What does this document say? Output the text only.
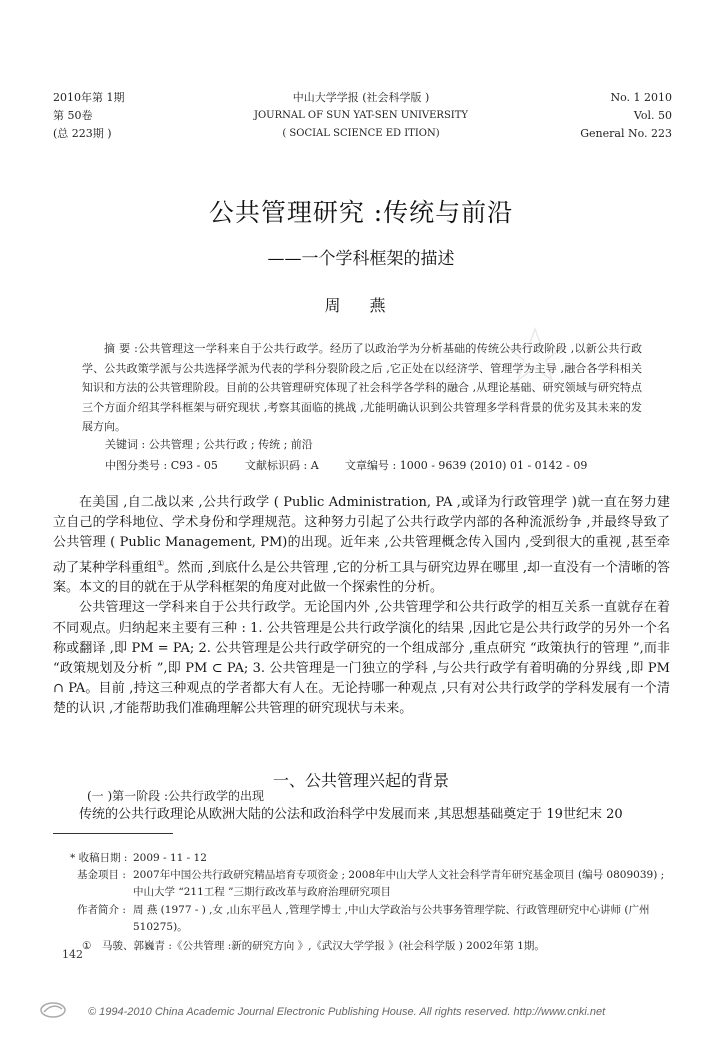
2010年第 1期
第 50卷
(总 223期 )
中山大学学报 (社会科学版 )
JOURNAL OF SUN YAT-SEN UNIVERSITY
( SOCIAL SCIENCE ED ITION)
No. 1 2010
Vol. 50
General No. 223
公共管理研究 :传统与前沿
——一个学科框架的描述
周 燕
摘 要 :公共管理这一学科来自于公共行政学。经历了以政治学为分析基础的传统公共行政阶段 ,以新公共行政学、公共政策学派与公共选择学派为代表的学科分裂阶段之后 ,它正处在以经济学、管理学为主导 ,融合各学科相关知识和方法的公共管理阶段。目前的公共管理研究体现了社会科学各学科的融合 ,从理论基础、研究领域与研究特点三个方面介绍其学科框架与研究现状 ,考察其面临的挑战 ,尤能明确认识到公共管理多学科背景的优劣及其未来的发展方向。
关键词 : 公共管理 ; 公共行政 ; 传统 ; 前沿
中图分类号 : C93 - 05 文献标识码 : A 文章编号 : 1000 - 9639 (2010) 01 - 0142 - 09

在美国 ,自二战以来 ,公共行政学 ( Public Administration, PA ,或译为行政管理学 )就一直在努力建立自己的学科地位、学术身份和学理规范。这种努力引起了公共行政学内部的各种流派纷争 ,并最终导致了公共管理 ( Public Management, PM)的出现。近年来 ,公共管理概念传入国内 ,受到很大的重视 ,甚至牵动了某种学科重组①。然而 ,到底什么是公共管理 ,它的分析工具与研究边界在哪里 ,却一直没有一个清晰的答案。本文的目的就在于从学科框架的角度对此做一个探索性的分析。

公共管理这一学科来自于公共行政学。无论国内外 ,公共管理学和公共行政学的相互关系一直就存在着不同观点。归纳起来主要有三种 : 1. 公共管理是公共行政学演化的结果 ,因此它是公共行政学的另外一个名称或翻译 ,即 PM = PA; 2. 公共管理是公共行政学研究的一个组成部分 ,重点研究 “政策执行的管理 ”,而非 “政策规划及分析 ”,即 PM ⊂ PA; 3. 公共管理是一门独立的学科 ,与公共行政学有着明确的分界线 ,即 PM ∩ PA。目前 ,持这三种观点的学者都大有人在。无论持哪一种观点 ,只有对公共行政学的学科发展有一个清楚的认识 ,才能帮助我们准确理解公共管理的研究现状与未来。

一、公共管理兴起的背景
(一 )第一阶段 :公共行政学的出现

传统的公共行政理论从欧洲大陆的公法和政治科学中发展而来 ,其思想基础奠定于 19世纪末 20

* 收稿日期 : 2009 - 11 - 12
基金项目 : 2007年中国公共行政研究精品培育专项资金 ; 2008年中山大学人文社会科学青年研究基金项目 (编号 0809039) ;中山大学 “211工程 ”三期行政改革与政府治理研究项目
作者简介 : 周 燕 (1977 - ) ,女 ,山东平邑人 ,管理学博士 ,中山大学政治与公共事务管理学院、行政管理研究中心讲师 (广州 510275)。
① 马骏、郭巍青 :《公共管理 :新的研究方向 》,《武汉大学学报 》(社会科学版 ) 2002年第 1期。
142
© 1994-2010 China Academic Journal Electronic Publishing House. All rights reserved. http://www.cnki.net
